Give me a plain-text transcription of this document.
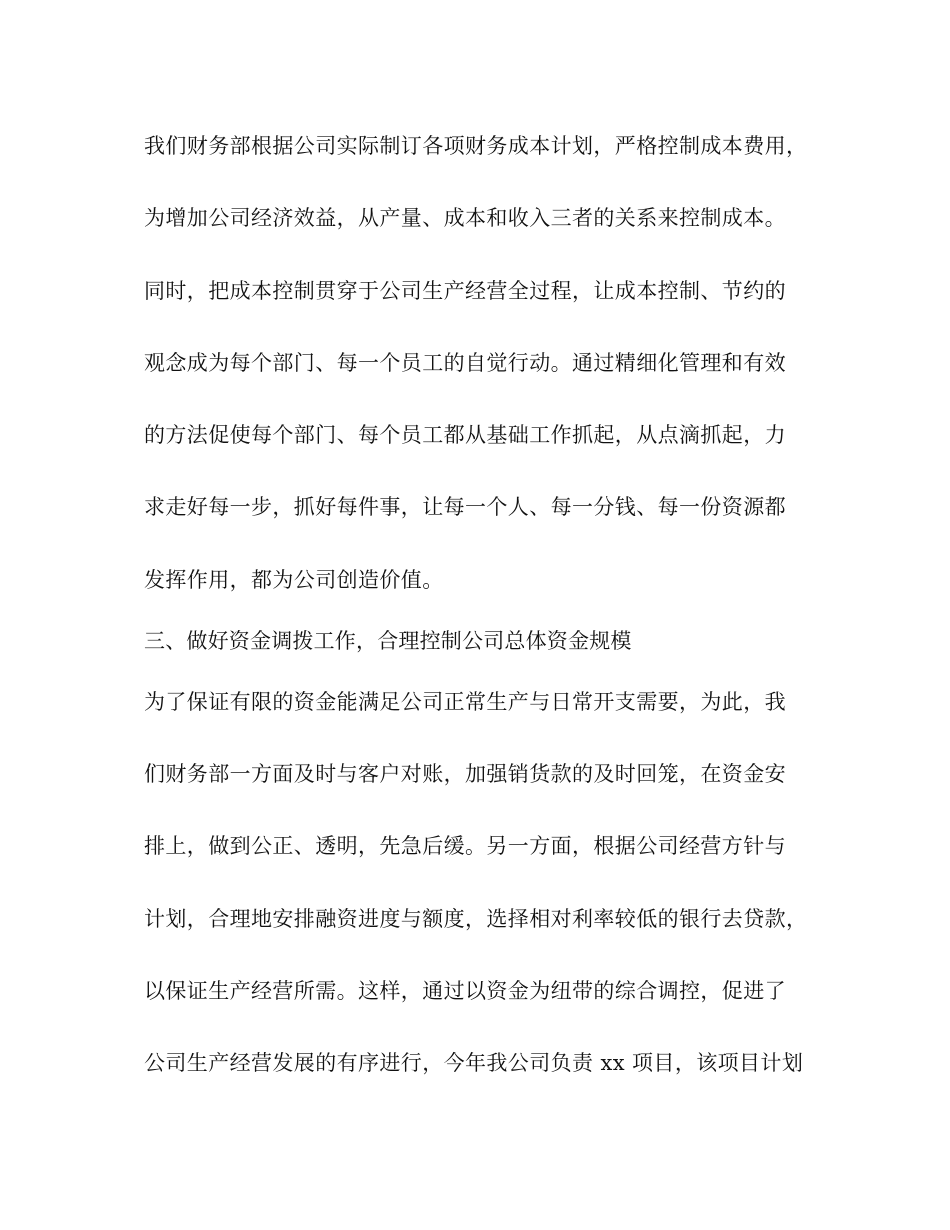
我们财务部根据公司实际制订各项财务成本计划，严格控制成本费用，
为增加公司经济效益，从产量、成本和收入三者的关系来控制成本。
同时，把成本控制贯穿于公司生产经营全过程，让成本控制、节约的
观念成为每个部门、每一个员工的自觉行动。通过精细化管理和有效
的方法促使每个部门、每个员工都从基础工作抓起，从点滴抓起，力
求走好每一步，抓好每件事，让每一个人、每一分钱、每一份资源都
发挥作用，都为公司创造价值。
三、做好资金调拨工作，合理控制公司总体资金规模
为了保证有限的资金能满足公司正常生产与日常开支需要，为此，我
们财务部一方面及时与客户对账，加强销货款的及时回笼，在资金安
排上，做到公正、透明，先急后缓。另一方面，根据公司经营方针与
计划，合理地安排融资进度与额度，选择相对利率较低的银行去贷款，
以保证生产经营所需。这样，通过以资金为纽带的综合调控，促进了
公司生产经营发展的有序进行，今年我公司负责 xx 项目，该项目计划
